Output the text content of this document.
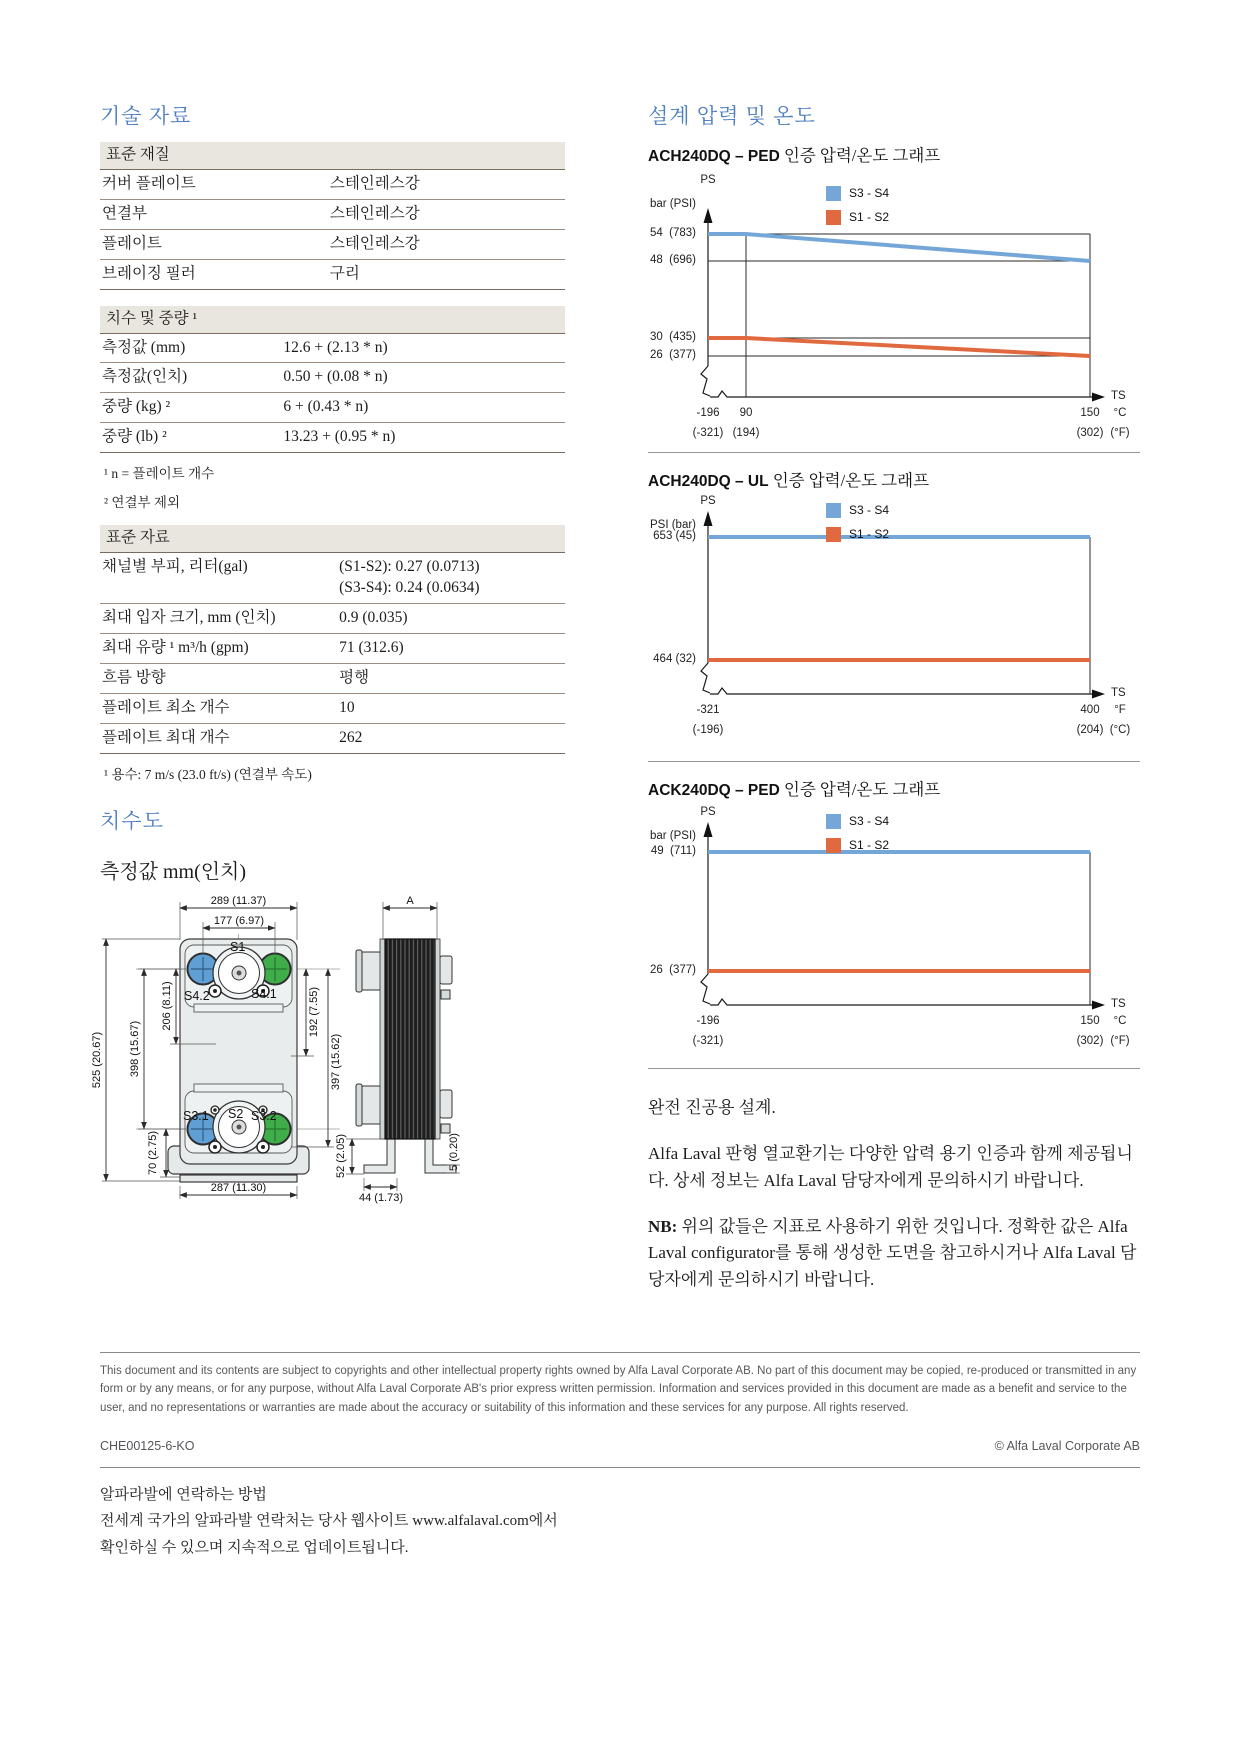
기술 자료
표준 재질	
커버 플레이트	스테인레스강
연결부	스테인레스강
플레이트	스테인레스강
브레이징 필러	구리
치수 및 중량 ¹	
측정값 (mm)	12.6 + (2.13 * n)
측정값(인치)	0.50 + (0.08 * n)
중량 (kg) ²	6 + (0.43 * n)
중량 (lb) ²	13.23 + (0.95 * n)
¹ n = 플레이트 개수
² 연결부 제외
표준 자료	
채널별 부피, 리터(gal)	(S1-S2): 0.27 (0.0713)
(S3-S4): 0.24 (0.0634)

최대 입자 크기, mm (인치)	0.9 (0.035)
최대 유량 ¹ m³/h (gpm)	71 (312.6)
흐름 방향	평행
플레이트 최소 개수	10
플레이트 최대 개수	262
¹ 용수: 7 m/s (23.0 ft/s) (연결부 속도)
치수도
측정값 mm(인치)
S1
S4.2	S4.1
S3.1 S2 S3.2
289 (11.37)
177 (6.97)
A
525 (20.67) 398 (15.67)
206 (8.11)	192 (7.55)
397 (15.62)
70 (2.75)
287 (11.30)
52 (2.05)
44 (1.73)
5 (0.20)
설계 압력 및 온도
ACH240DQ – PED 인증 압력/온도 그래프
PS
bar (PSI)
54  (783)
48  (696)
30  (435)
26  (377)
S3 - S4
S1 - S2
-196	90	150
(-321) (194)	(302)
TS
°C
(°F)
ACH240DQ – UL 인증 압력/온도 그래프
PS
PSI (bar)
653 (45)
464 (32)
S3 - S4
S1 - S2
-321	400
(-196)	(204)
TS
°F
(°C)
ACK240DQ – PED 인증 압력/온도 그래프
PS
bar (PSI)
49  (711)
26  (377)
S3 - S4
S1 - S2
-196	150
(-321)	(302)
TS
°C
(°F)

완전 진공용 설계.

Alfa Laval 판형 열교환기는 다양한 압력 용기 인증과 함께 제공됩니다. 상세 정보는 Alfa Laval 담당자에게 문의하시기 바랍니다.

NB: 위의 값들은 지표로 사용하기 위한 것입니다. 정확한 값은 Alfa Laval configurator를 통해 생성한 도면을 참고하시거나 Alfa Laval 담당자에게 문의하시기 바랍니다.

This document and its contents are subject to copyrights and other intellectual property rights owned by Alfa Laval Corporate AB. No part of this document may be copied, re-produced or transmitted in any form or by any means, or for any purpose, without Alfa Laval Corporate AB's prior express written permission. Information and services provided in this document are made as a benefit and service to the user, and no representations or warranties are made about the accuracy or suitability of this information and these services for any purpose. All rights reserved.
CHE00125-6-KO	© Alfa Laval Corporate AB
알파라발에 연락하는 방법
전세계 국가의 알파라발 연락처는 당사 웹사이트 www.alfalaval.com에서
확인하실 수 있으며 지속적으로 업데이트됩니다.
